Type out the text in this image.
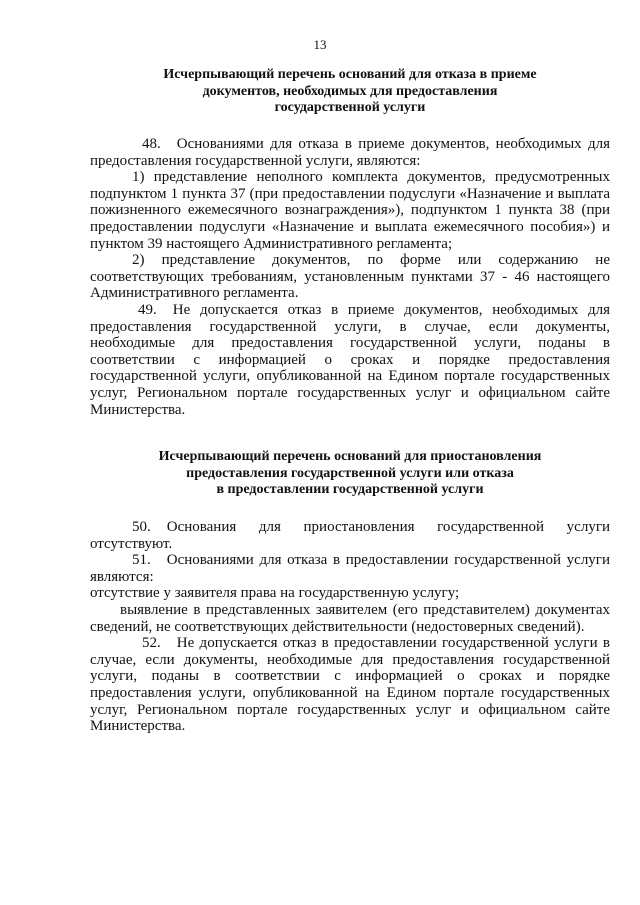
13
Исчерпывающий перечень оснований для отказа в приеме
документов, необходимых для предоставления
государственной услуги

48. Основаниями для отказа в приеме документов, необходимых для предоставления государственной услуги, являются:

1) представление неполного комплекта документов, предусмотренных подпунктом 1 пункта 37 (при предоставлении подуслуги «Назначение и выплата пожизненного ежемесячного вознаграждения»), подпунктом 1 пункта 38 (при предоставлении подуслуги «Назначение и выплата ежемесячного пособия») и пунктом 39 настоящего Административного регламента;

2) представление документов, по форме или содержанию не соответствующих требованиям, установленным пунктами 37 - 46 настоящего Административного регламента.

49. Не допускается отказ в приеме документов, необходимых для предоставления государственной услуги, в случае, если документы, необходимые для предоставления государственной услуги, поданы в соответствии с информацией о сроках и порядке предоставления государственной услуги, опубликованной на Едином портале государственных услуг, Региональном портале государственных услуг и официальном сайте Министерства.

Исчерпывающий перечень оснований для приостановления
предоставления государственной услуги или отказа
в предоставлении государственной услуги

50. Основания для приостановления государственной услуги отсутствуют.

51. Основаниями для отказа в предоставлении государственной услуги являются:

отсутствие у заявителя права на государственную услугу;

выявление в представленных заявителем (его представителем) документах сведений, не соответствующих действительности (недостоверных сведений).

52. Не допускается отказ в предоставлении государственной услуги в случае, если документы, необходимые для предоставления государственной услуги, поданы в соответствии с информацией о сроках и порядке предоставления услуги, опубликованной на Едином портале государственных услуг, Региональном портале государственных услуг и официальном сайте Министерства.
